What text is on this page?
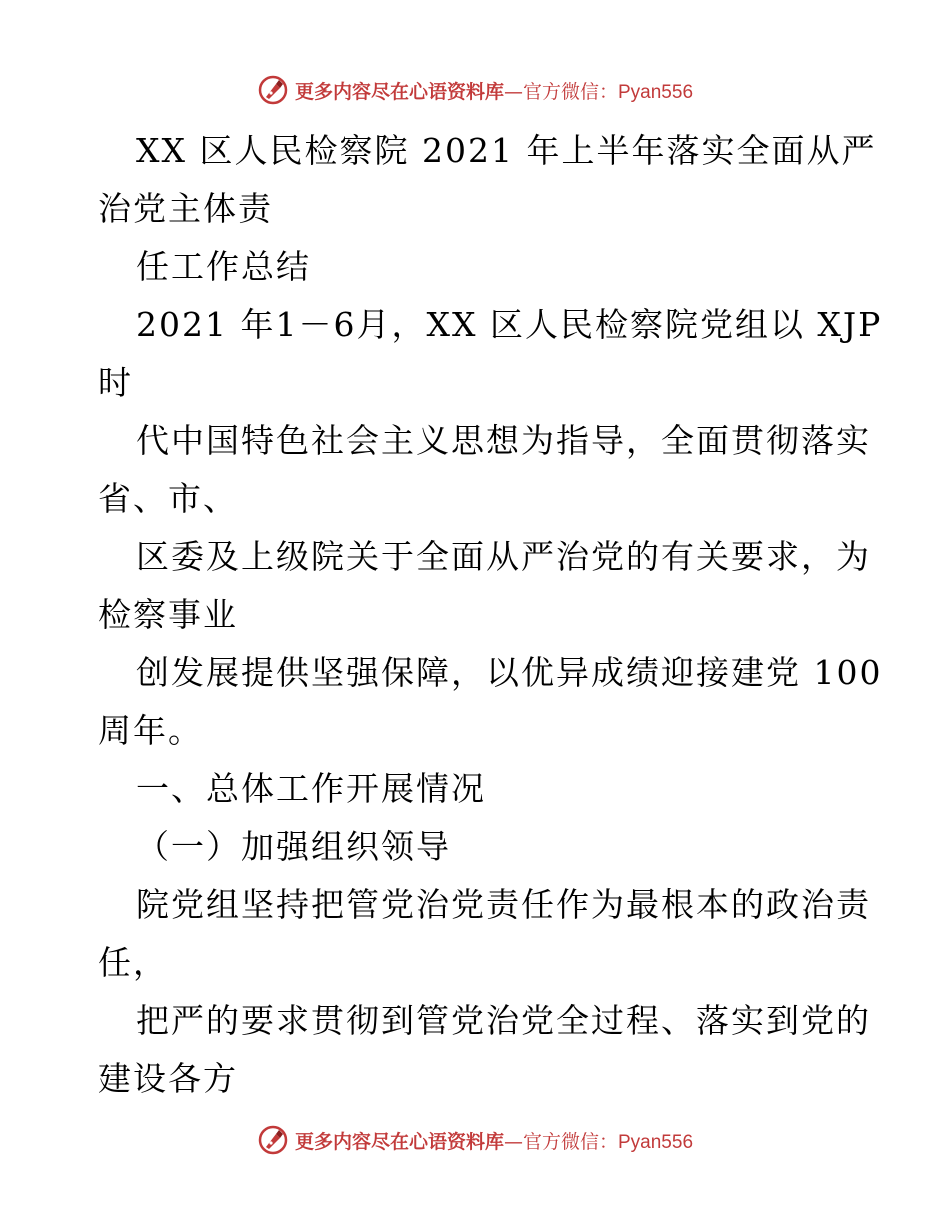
更多内容尽在心语资料库—官方微信：Pyan556
XX 区人民检察院 2021 年上半年落实全面从严
治党主体责
任工作总结
2021 年1－6月，XX 区人民检察院党组以 XJP
时
代中国特色社会主义思想为指导，全面贯彻落实
省、市、
区委及上级院关于全面从严治党的有关要求，为
检察事业
创发展提供坚强保障，以优异成绩迎接建党 100
周年。
一、总体工作开展情况
（一）加强组织领导
院党组坚持把管党治党责任作为最根本的政治责
任，
把严的要求贯彻到管党治党全过程、落实到党的
建设各方
更多内容尽在心语资料库—官方微信：Pyan556
